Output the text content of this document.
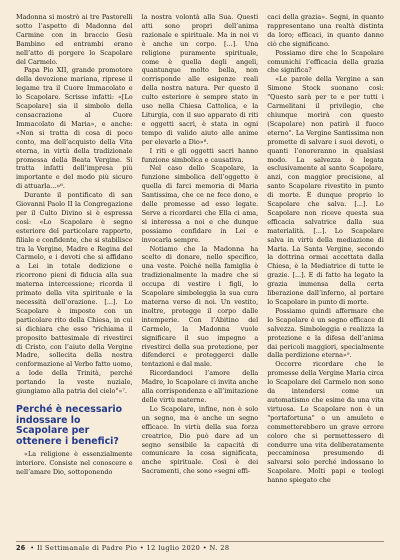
Madonna si mostrò ai tre Pastorelli sotto l’aspetto di Madonna del Carmine con in braccio Gesù Bambino ed entrambi erano nell’atto di porgere lo Scapolare del Carmelo.

Papa Pio XII, grande promotore della devozione mariana, riprese il legame tra il Cuore Immacolato e lo Scapolare. Scrisse infatti: «[Lo Scapolare] sia il simbolo della consacrazione al Cuore Immacolato di Maria», e anche: «Non si tratta di cosa di poco conto, ma dell’acquisto della Vita eterna, in virtù della tradizionale promessa della Beata Vergine. Si tratta infatti dell’impresa più importante e del modo più sicuro di attuarla...»⁶.

Durante il pontificato di san Giovanni Paolo II la Congregazione per il Culto Divino si è espressa così: «Lo Scapolare è segno esteriore del particolare rapporto, filiale e confidente, che si stabilisce tra la Vergine, Madre e Regina del Carmelo, e i devoti che si affidano a Lei in totale dedizione e ricorrono pieni di fiducia alla sua materna intercessione; ricorda il primato della vita spirituale e la necessità dell’orazione. [...]. Lo Scapolare è imposto con un particolare rito della Chiesa, in cui si dichiara che esso "richiama il proposito battesimale di rivestirci di Cristo, con l’aiuto della Vergine Madre, sollecita della nostra conformazione al Verbo fatto uomo, a lode della Trinità, perché portando la veste nuziale, giungiamo alla patria del cielo"»⁷.

Perché è necessario indossare lo Scapolare per ottenere i benefici?

«La religione è essenzialmente interiore. Consiste nel conoscere e nell’amare Dio, sottoponendo

la nostra volontà alla Sua. Questi atti sono propri dell’anima razionale e spirituale. Ma in noi vi è anche un corpo. [...]. Una religione puramente spirituale, come è quella degli angeli, quantunque molto bella, non corrisponde alle esigenze reali della nostra natura. Per questo il culto esteriore è sempre stato in uso nella Chiesa Cattolica, e la Liturgia, con il suo apparato di riti e oggetti sacri, è stata in ogni tempo di valido aiuto alle anime per elevarle a Dio»⁸.

I riti e gli oggetti sacri hanno funzione simbolica e causativa.

Nel caso dello Scapolare, la funzione simbolica dell’oggetto è quella di farci memoria di Maria Santissima, che ce ne fece dono, e delle promesse ad esso legate. Serve a ricordarci che Ella ci ama, si interessa a noi e che dunque possiamo confidare in Lei e invocarla sempre.

Notiamo che la Madonna ha scelto di donare, nello specifico, una veste. Poiché nella famiglia è tradizionalmente la madre che si occupa di vestire i figli, lo Scapolare simboleggia la sua cura materna verso di noi. Un vestito, inoltre, protegge il corpo dalle intemperie. Con l’Abitino del Carmelo, la Madonna vuole significare il suo impegno a rivestirci della sua protezione, per difenderci e proteggerci dalle tentazioni e dal male.

Ricordandoci l’amore della Madre, lo Scapolare ci invita anche alla corrispondenza e all’imitazione delle virtù materne.

Lo Scapolare, infine, non è solo un segno, ma è anche un segno efficace. In virtù della sua forza creatrice, Dio può dare ad un segno sensibile la capacità di comunicare la cosa significata, anche spirituale. Così è dei Sacramenti, che sono «segni effi-

caci della grazia». Segni, in quanto rappresentano una realtà distinta da loro; efficaci, in quanto danno ciò che significano.

Possiamo dire che lo Scapolare comunichi l’efficacia della grazia che significa?

«Le parole della Vergine a san Simone Stock suonano così: "Questo sarà per te e per tutti i Carmelitani il privilegio, che chiunque morirà con questo (Scapolare) non patirà il fuoco eterno". La Vergine Santissima non promette di salvare i suoi devoti, o quanti l’onoreranno in qualsiasi modo. La salvezza è legata esclusivamente al santo Scapolare, anzi, con maggior precisione, al santo Scapolare rivestito in punto di morte. È dunque proprio lo Scapolare che salva. [...]. Lo Scapolare non riceve questa sua efficacia salvatrice dalla sua materialità. [...]. Lo Scapolare salva in virtù della mediazione di Maria. La Santa Vergine, secondo la dottrina ormai accettata dalla Chiesa, è la Mediatrice di tutte le grazie. [...]. E di fatto ha legato la grazia immensa della certa liberazione dall’inferno, al portare lo Scapolare in punto di morte.

Possiamo quindi affermare che lo Scapolare è un segno efficace di salvezza. Simboleggia e realizza la protezione e la difesa dell’anima dai pericoli maggiori, specialmente dalla perdizione eterna»⁹.

Occorre ricordare che le promesse della Vergine Maria circa lo Scapolare del Carmelo non sono da intendersi come un automatismo che esime da una vita virtuosa. Lo Scapolare non è un "portafortuna" o un amuleto e commetterebbero un grave errore coloro che si permettessero di condurre una vita deliberatamente peccaminosa presumendo di salvarsi solo perché indossano lo Scapolare. Molti papi e teologi hanno spiegato che

26 • Il Settimanale di Padre Pio • 12 luglio 2020 • N. 28
